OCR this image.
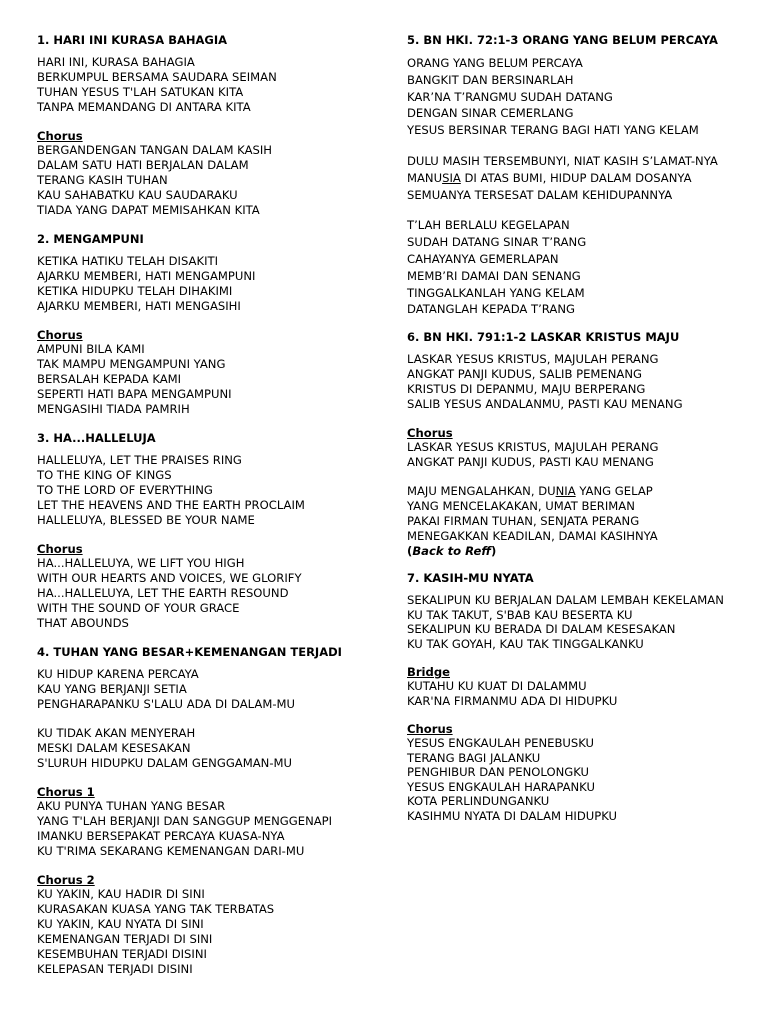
1. HARI INI KURASA BAHAGIA
HARI INI, KURASA BAHAGIA
BERKUMPUL BERSAMA SAUDARA SEIMAN
TUHAN YESUS T'LAH SATUKAN KITA
TANPA MEMANDANG DI ANTARA KITA
Chorus
BERGANDENGAN TANGAN DALAM KASIH
DALAM SATU HATI BERJALAN DALAM
TERANG KASIH TUHAN
KAU SAHABATKU KAU SAUDARAKU
TIADA YANG DAPAT MEMISAHKAN KITA
2. MENGAMPUNI
KETIKA HATIKU TELAH DISAKITI
AJARKU MEMBERI, HATI MENGAMPUNI
KETIKA HIDUPKU TELAH DIHAKIMI
AJARKU MEMBERI, HATI MENGASIHI
Chorus
AMPUNI BILA KAMI
TAK MAMPU MENGAMPUNI YANG
BERSALAH KEPADA KAMI
SEPERTI HATI BAPA MENGAMPUNI
MENGASIHI TIADA PAMRIH
3. HA...HALLELUJA
HALLELUYA, LET THE PRAISES RING
TO THE KING OF KINGS
TO THE LORD OF EVERYTHING
LET THE HEAVENS AND THE EARTH PROCLAIM
HALLELUYA, BLESSED BE YOUR NAME
Chorus
HA...HALLELUYA, WE LIFT YOU HIGH
WITH OUR HEARTS AND VOICES, WE GLORIFY
HA...HALLELUYA, LET THE EARTH RESOUND
WITH THE SOUND OF YOUR GRACE
THAT ABOUNDS
4. TUHAN YANG BESAR+KEMENANGAN TERJADI
KU HIDUP KARENA PERCAYA
KAU YANG BERJANJI SETIA
PENGHARAPANKU S'LALU ADA DI DALAM-MU
KU TIDAK AKAN MENYERAH
MESKI DALAM KESESAKAN
S'LURUH HIDUPKU DALAM GENGGAMAN-MU
Chorus 1
AKU PUNYA TUHAN YANG BESAR
YANG T'LAH BERJANJI DAN SANGGUP MENGGENAPI
IMANKU BERSEPAKAT PERCAYA KUASA-NYA
KU T'RIMA SEKARANG KEMENANGAN DARI-MU
Chorus 2
KU YAKIN, KAU HADIR DI SINI
KURASAKAN KUASA YANG TAK TERBATAS
KU YAKIN, KAU NYATA DI SINI
KEMENANGAN TERJADI DI SINI
KESEMBUHAN TERJADI DISINI
KELEPASAN TERJADI DISINI
5. BN HKI. 72:1-3 ORANG YANG BELUM PERCAYA
ORANG YANG BELUM PERCAYA
BANGKIT DAN BERSINARLAH
KAR’NA T’RANGMU SUDAH DATANG
DENGAN SINAR CEMERLANG
YESUS BERSINAR TERANG BAGI HATI YANG KELAM
DULU MASIH TERSEMBUNYI, NIAT KASIH S’LAMAT-NYA
MANUSIA DI ATAS BUMI, HIDUP DALAM DOSANYA
SEMUANYA TERSESAT DALAM KEHIDUPANNYA
T’LAH BERLALU KEGELAPAN
SUDAH DATANG SINAR T’RANG
CAHAYANYA GEMERLAPAN
MEMB’RI DAMAI DAN SENANG
TINGGALKANLAH YANG KELAM
DATANGLAH KEPADA T’RANG
6. BN HKI. 791:1-2 LASKAR KRISTUS MAJU
LASKAR YESUS KRISTUS, MAJULAH PERANG
ANGKAT PANJI KUDUS, SALIB PEMENANG
KRISTUS DI DEPANMU, MAJU BERPERANG
SALIB YESUS ANDALANMU, PASTI KAU MENANG
Chorus
LASKAR YESUS KRISTUS, MAJULAH PERANG
ANGKAT PANJI KUDUS, PASTI KAU MENANG
MAJU MENGALAHKAN, DUNIA YANG GELAP
YANG MENCELAKAKAN, UMAT BERIMAN
PAKAI FIRMAN TUHAN, SENJATA PERANG
MENEGAKKAN KEADILAN, DAMAI KASIHNYA
(Back to Reff)
7. KASIH-MU NYATA
SEKALIPUN KU BERJALAN DALAM LEMBAH KEKELAMAN
KU TAK TAKUT, S'BAB KAU BESERTA KU
SEKALIPUN KU BERADA DI DALAM KESESAKAN
KU TAK GOYAH, KAU TAK TINGGALKANKU
Bridge
KUTAHU KU KUAT DI DALAMMU
KAR'NA FIRMANMU ADA DI HIDUPKU
Chorus
YESUS ENGKAULAH PENEBUSKU
TERANG BAGI JALANKU
PENGHIBUR DAN PENOLONGKU
YESUS ENGKAULAH HARAPANKU
KOTA PERLINDUNGANKU
KASIHMU NYATA DI DALAM HIDUPKU
